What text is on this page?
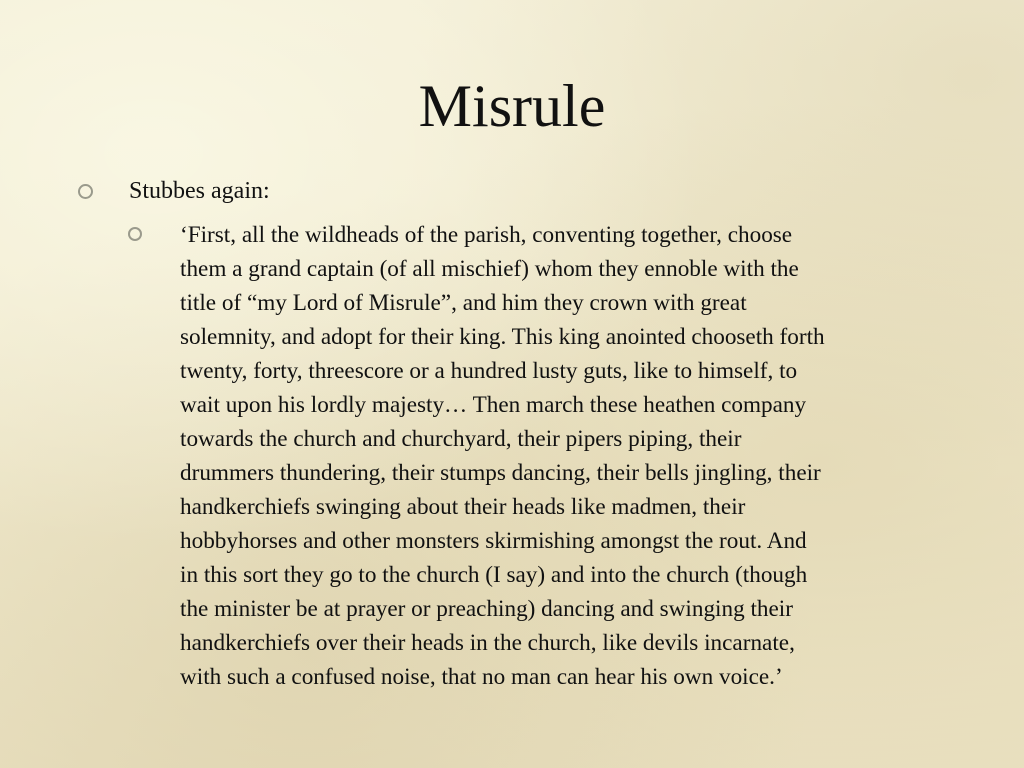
Misrule
Stubbes again:
‘First, all the wildheads of the parish, conventing together, choose
them a grand captain (of all mischief) whom they ennoble with the
title of “my Lord of Misrule”, and him they crown with great
solemnity, and adopt for their king. This king anointed chooseth forth
twenty, forty, threescore or a hundred lusty guts, like to himself, to
wait upon his lordly majesty… Then march these heathen company
towards the church and churchyard, their pipers piping, their
drummers thundering, their stumps dancing, their bells jingling, their
handkerchiefs swinging about their heads like madmen, their
hobbyhorses and other monsters skirmishing amongst the rout. And
in this sort they go to the church (I say) and into the church (though
the minister be at prayer or preaching) dancing and swinging their
handkerchiefs over their heads in the church, like devils incarnate,
with such a confused noise, that no man can hear his own voice.’
